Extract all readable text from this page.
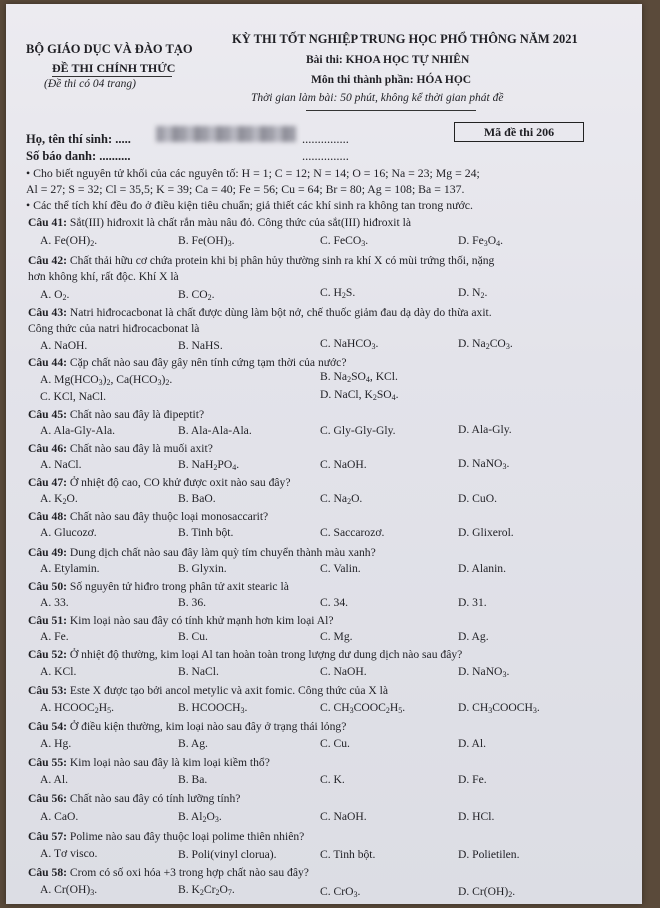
BỘ GIÁO DỤC VÀ ĐÀO TẠO
ĐỀ THI CHÍNH THỨC
(Đề thi có 04 trang)
KỲ THI TỐT NGHIỆP TRUNG HỌC PHỔ THÔNG NĂM 2021
Bài thi: KHOA HỌC TỰ NHIÊN
Môn thi thành phần: HÓA HỌC
Thời gian làm bài: 50 phút, không kể thời gian phát đề
Họ, tên thí sinh: .....	...............
Số báo danh: ..........	...............
Mã đề thi 206
• Cho biết nguyên tử khối của các nguyên tố: H = 1; C = 12; N = 14; O = 16; Na = 23; Mg = 24;
Al = 27; S = 32; Cl = 35,5; K = 39; Ca = 40; Fe = 56; Cu = 64; Br = 80; Ag = 108; Ba = 137.
• Các thể tích khí đều đo ở điều kiện tiêu chuẩn; giả thiết các khí sinh ra không tan trong nước.
Câu 41: Sắt(III) hiđroxit là chất rắn màu nâu đỏ. Công thức của sắt(III) hiđroxit là
A. $Fe(OH)_2$.	B. $Fe(OH)_3$.	C. FeCO$_3$.	D. $Fe_3O_4$.
Câu 42: Chất thải hữu cơ chứa protein khi bị phân hủy thường sinh ra khí X có mùi trứng thối, nặng
hơn không khí, rất độc. Khí X là
A. $O_2$.	B. $CO_2$.	C. $H_2S$.	D. $N_2$.
Câu 43: Natri hiđrocacbonat là chất được dùng làm bột nở, chế thuốc giảm đau dạ dày do thừa axit.
Công thức của natri hiđrocacbonat là
A. NaOH.	B. NaHS.	C. NaHCO$_3$.	D. $Na_2CO_3$.
Câu 44: Cặp chất nào sau đây gây nên tính cứng tạm thời của nước?
A. $Mg(HCO_3)_2$, $Ca(HCO_3)_2$.	B. $Na_2SO_4$, KCl.
C. KCl, NaCl.	D. NaCl, $K_2SO_4$.
Câu 45: Chất nào sau đây là đipeptit?
A. Ala-Gly-Ala.	B. Ala-Ala-Ala.	C. Gly-Gly-Gly.	D. Ala-Gly.
Câu 46: Chất nào sau đây là muối axit?
A. NaCl.	B. $NaH_2PO_4$.	C. NaOH.	D. NaNO$_3$.
Câu 47: Ở nhiệt độ cao, CO khử được oxit nào sau đây?
A. $K_2O$.	B. BaO.	C. $Na_2O$.	D. CuO.
Câu 48: Chất nào sau đây thuộc loại monosaccarit?
A. Glucozơ.	B. Tinh bột.	C. Saccarozơ.	D. Glixerol.
Câu 49: Dung dịch chất nào sau đây làm quỳ tím chuyển thành màu xanh?
A. Etylamin.	B. Glyxin.	C. Valin.	D. Alanin.
Câu 50: Số nguyên tử hiđro trong phân tử axit stearic là
A. 33.	B. 36.	C. 34.	D. 31.
Câu 51: Kim loại nào sau đây có tính khử mạnh hơn kim loại Al?
A. Fe.	B. Cu.	C. Mg.	D. Ag.
Câu 52: Ở nhiệt độ thường, kim loại Al tan hoàn toàn trong lượng dư dung dịch nào sau đây?
A. KCl.	B. NaCl.	C. NaOH.	D. NaNO$_3$.
Câu 53: Este X được tạo bởi ancol metylic và axit fomic. Công thức của X là
A. $HCOOC_2H_5$.	B. $HCOOCH_3$.	C. $CH_3COOC_2H_5$.	D. $CH_3COOCH_3$.
Câu 54: Ở điều kiện thường, kim loại nào sau đây ở trạng thái lỏng?
A. Hg.	B. Ag.	C. Cu.	D. Al.
Câu 55: Kim loại nào sau đây là kim loại kiềm thổ?
A. Al.	B. Ba.	C. K.	D. Fe.
Câu 56: Chất nào sau đây có tính lưỡng tính?
A. CaO.	B. $Al_2O_3$.	C. NaOH.	D. HCl.
Câu 57: Polime nào sau đây thuộc loại polime thiên nhiên?
A. Tơ visco.	B. Poli(vinyl clorua).	C. Tinh bột.	D. Polietilen.
Câu 58: Crom có số oxi hóa +3 trong hợp chất nào sau đây?
A. $Cr(OH)_3$.	B. $K_2Cr_2O_7$.	C. CrO$_3$.	D. $Cr(OH)_2$.
